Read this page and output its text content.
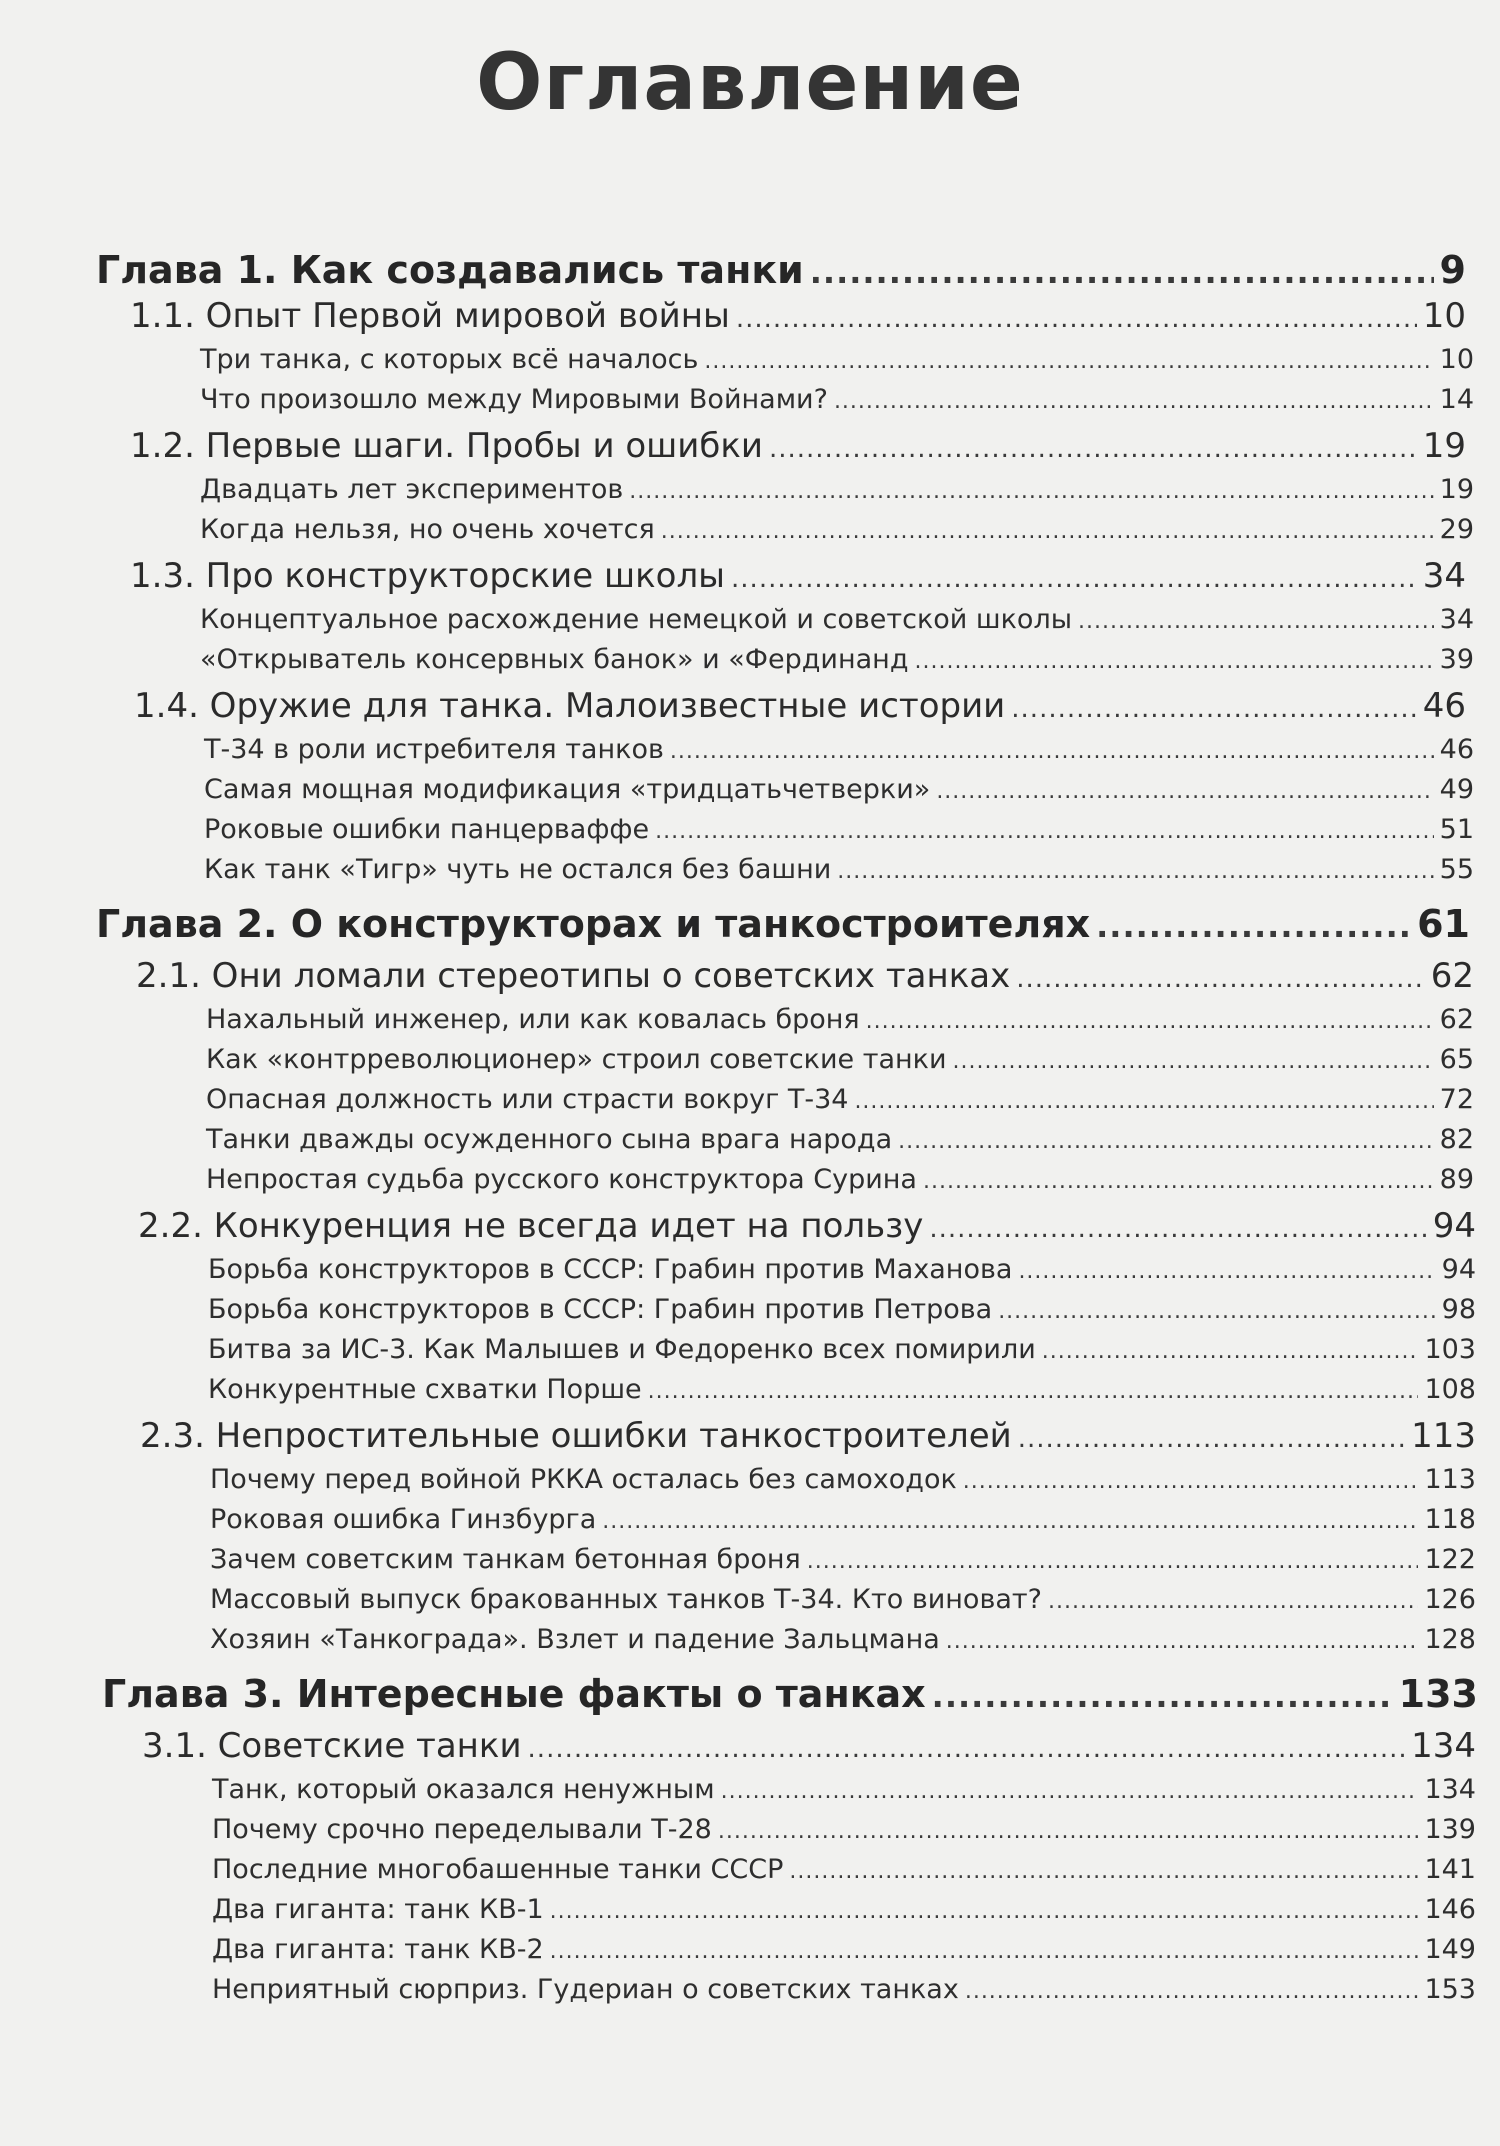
Оглавление
Глава 1. Как создавались танки .....	9
1.1. Опыт Первой мировой войны .....	10
Три танка, с которых всё началось .....	10
Что произошло между Мировыми Войнами? .....	14
1.2. Первые шаги. Пробы и ошибки .....	19
Двадцать лет экспериментов .....	19
Когда нельзя, но очень хочется .....	29
1.3. Про конструкторские школы .....	34
Концептуальное расхождение немецкой и советской школы .....	34
«Открыватель консервных банок» и «Фердинанд .....	39
1.4. Оружие для танка. Малоизвестные истории .....	46
Т-34 в роли истребителя танков .....	46
Самая мощная модификация «тридцатьчетверки» .....	49
Роковые ошибки панцерваффе .....	51
Как танк «Тигр» чуть не остался без башни .....	55
Глава 2. О конструкторах и танкостроителях .....	61
2.1. Они ломали стереотипы о советских танках .....	62
Нахальный инженер, или как ковалась броня .....	62
Как «контрреволюционер» строил советские танки .....	65
Опасная должность или страсти вокруг Т-34 .....	72
Танки дважды осужденного сына врага народа .....	82
Непростая судьба русского конструктора Сурина .....	89
2.2. Конкуренция не всегда идет на пользу .....	94
Борьба конструкторов в СССР: Грабин против Маханова .....	94
Борьба конструкторов в СССР: Грабин против Петрова .....	98
Битва за ИС-3. Как Малышев и Федоренко всех помирили .....	103
Конкурентные схватки Порше .....	108
2.3. Непростительные ошибки танкостроителей .....	113
Почему перед войной РККА осталась без самоходок .....	113
Роковая ошибка Гинзбурга .....	118
Зачем советским танкам бетонная броня .....	122
Массовый выпуск бракованных танков Т-34. Кто виноват? .....	126
Хозяин «Танкограда». Взлет и падение Зальцмана .....	128
Глава 3. Интересные факты о танках .....	133
3.1. Советские танки .....	134
Танк, который оказался ненужным .....	134
Почему срочно переделывали Т-28 .....	139
Последние многобашенные танки СССР .....	141
Два гиганта: танк КВ-1 .....	146
Два гиганта: танк КВ-2 .....	149
Неприятный сюрприз. Гудериан о советских танках .....	153
